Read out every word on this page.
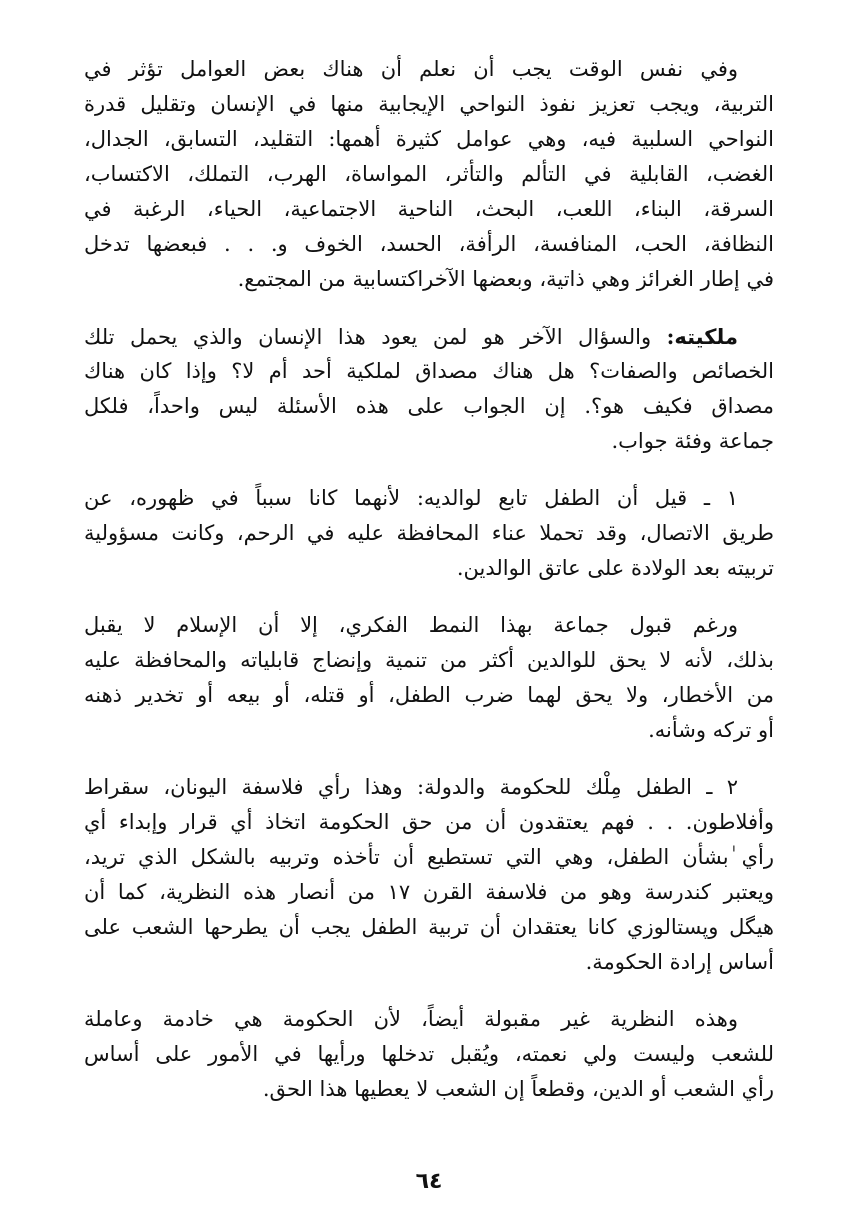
وفي نفس الوقت يجب أن نعلم أن هناك بعض العوامل تؤثر في
التربية، ويجب تعزيز نفوذ النواحي الإيجابية منها في الإنسان وتقليل قدرة
النواحي السلبية فيه، وهي عوامل كثيرة أهمها: التقليد، التسابق، الجدال،
الغضب، القابلية في التألم والتأثر، المواساة، الهرب، التملك، الاكتساب،
السرقة، البناء، اللعب، البحث، الناحية الاجتماعية، الحياء، الرغبة في
النظافة، الحب، المنافسة، الرأفة، الحسد، الخوف و. . . فبعضها تدخل
في إطار الغرائز وهي ذاتية، وبعضها الآخراكتسابية من المجتمع.
ملكيته: والسؤال الآخر هو لمن يعود هذا الإنسان والذي يحمل تلك
الخصائص والصفات؟ هل هناك مصداق لملكية أحد أم لا؟ وإذا كان هناك
مصداق فكيف هو؟. إن الجواب على هذه الأسئلة ليس واحداً، فلكل
جماعة وفئة جواب.
١ ـ قيل أن الطفل تابع لوالديه: لأنهما كانا سبباً في ظهوره، عن
طريق الاتصال، وقد تحملا عناء المحافظة عليه في الرحم، وكانت مسؤولية
تربيته بعد الولادة على عاتق الوالدين.
ورغم قبول جماعة بهذا النمط الفكري، إلا أن الإسلام لا يقبل
بذلك، لأنه لا يحق للوالدين أكثر من تنمية وإنضاج قابلياته والمحافظة عليه
من الأخطار، ولا يحق لهما ضرب الطفل، أو قتله، أو بيعه أو تخدير ذهنه
أو تركه وشأنه.
٢ ـ الطفل مِلْك للحكومة والدولة: وهذا رأي فلاسفة اليونان، سقراط
وأفلاطون. . . فهم يعتقدون أن من حق الحكومة اتخاذ أي قرار وإبداء أي
رأي ٰبشأن الطفل، وهي التي تستطيع أن تأخذه وتربيه بالشكل الذي تريد،
ويعتبر كندرسة وهو من فلاسفة القرن ١٧ من أنصار هذه النظرية، كما أن
هيگل وپستالوزي كانا يعتقدان أن تربية الطفل يجب أن يطرحها الشعب على
أساس إرادة الحكومة.
وهذه النظرية غير مقبولة أيضاً، لأن الحكومة هي خادمة وعاملة
للشعب وليست ولي نعمته، ويُقبل تدخلها ورأيها في الأمور على أساس
رأي الشعب أو الدين، وقطعاً إن الشعب لا يعطيها هذا الحق.
٦٤
